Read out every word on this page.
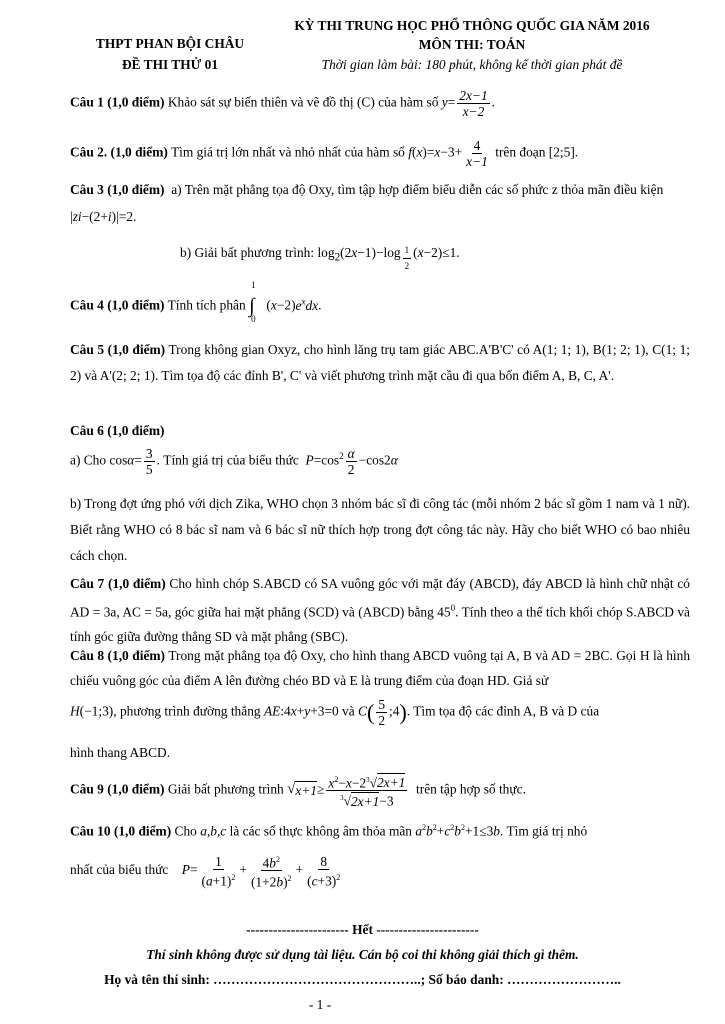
THPT PHAN BỘI CHÂU
ĐỀ THI THỬ 01
KỲ THI TRUNG HỌC PHỔ THÔNG QUỐC GIA NĂM 2016
MÔN THI: TOÁN
Thời gian làm bài: 180 phút, không kể thời gian phát đề
Câu 1 (1,0 điểm) Khảo sát sự biến thiên và vẽ đồ thị (C) của hàm số $y= \frac{2x-1}{x-2}$ .
Câu 2. (1,0 điểm) Tìm giá trị lớn nhất và nhỏ nhất của hàm số $f(x)=x-3+ \frac{4}{x-1}$ trên đoạn [2;5].
Câu 3 (1,0 điểm) a) Trên mặt phẳng tọa độ Oxy, tìm tập hợp điểm biểu diễn các số phức z thỏa mãn điều kiện
|zi−(2+i)|=2.
b) Giải bất phương trình: $\log_2(2x-1)-\log$ $_{\frac{1}{2}}$ (x−2)≤1.
Câu 4 (1,0 điểm) Tính tích phân
1
∫
0
$(x-2)e^xdx$.
Câu 5 (1,0 điểm) Trong không gian Oxyz, cho hình lăng trụ tam giác ABC.A'B'C' có A(1; 1; 1), B(1; 2; 1), C(1; 1; 2) và A'(2; 2; 1). Tìm tọa độ các đỉnh B', C' và viết phương trình mặt cầu đi qua bốn điểm A, B, C, A'.
Câu 6 (1,0 điểm)
a) Cho $\cos\alpha= \frac{3}{5}$ . Tính giá trị của biểu thức $P=\cos^2 \frac{\alpha}{2} -\cos 2\alpha$
b) Trong đợt ứng phó với dịch Zika, WHO chọn 3 nhóm bác sĩ đi công tác (mỗi nhóm 2 bác sĩ gồm 1 nam và 1 nữ). Biết rằng WHO có 8 bác sĩ nam và 6 bác sĩ nữ thích hợp trong đợt công tác này. Hãy cho biết WHO có bao nhiêu cách chọn.
Câu 7 (1,0 điểm) Cho hình chóp S.ABCD có SA vuông góc với mặt đáy (ABCD), đáy ABCD là hình chữ nhật có AD = 3a, AC = 5a, góc giữa hai mặt phẳng (SCD) và (ABCD) bằng $45^0$. Tính theo a thể tích khối chóp S.ABCD và tính góc giữa đường thẳng SD và mặt phẳng (SBC).
Câu 8 (1,0 điểm) Trong mặt phẳng tọa độ Oxy, cho hình thang ABCD vuông tại A, B và AD = 2BC. Gọi H là hình chiếu vuông góc của điểm A lên đường chéo BD và E là trung điểm của đoạn HD. Giả sử
H(−1;3), phương trình đường thẳng AE:4x+y+3=0 và $C( \frac{5}{2}$ ;4). Tìm tọa độ các đỉnh A, B và D của
hình thang ABCD.
Câu 9 (1,0 điểm) Giải bất phương trình √ $x+1 \ge \frac{x^2-x-2^3√2x+1}{^3√2x+1-3}$ trên tập hợp số thực.
Câu 10 (1,0 điểm) Cho a,b,c là các số thực không âm thỏa mãn $a^2b^2+c^2b^2+1\le 3b$. Tìm giá trị nhỏ
nhất của biểu thức $P= \frac{1}{(a+1)^2} + \frac{4b^2}{(1+2b)^2} + \frac{8}{(c+3)^2}$
----------------------- Hết -----------------------
Thí sinh không được sử dụng tài liệu. Cán bộ coi thi không giải thích gì thêm.
Họ và tên thí sinh: ………………………………………..; Số báo danh: ……………………..
- 1 -
